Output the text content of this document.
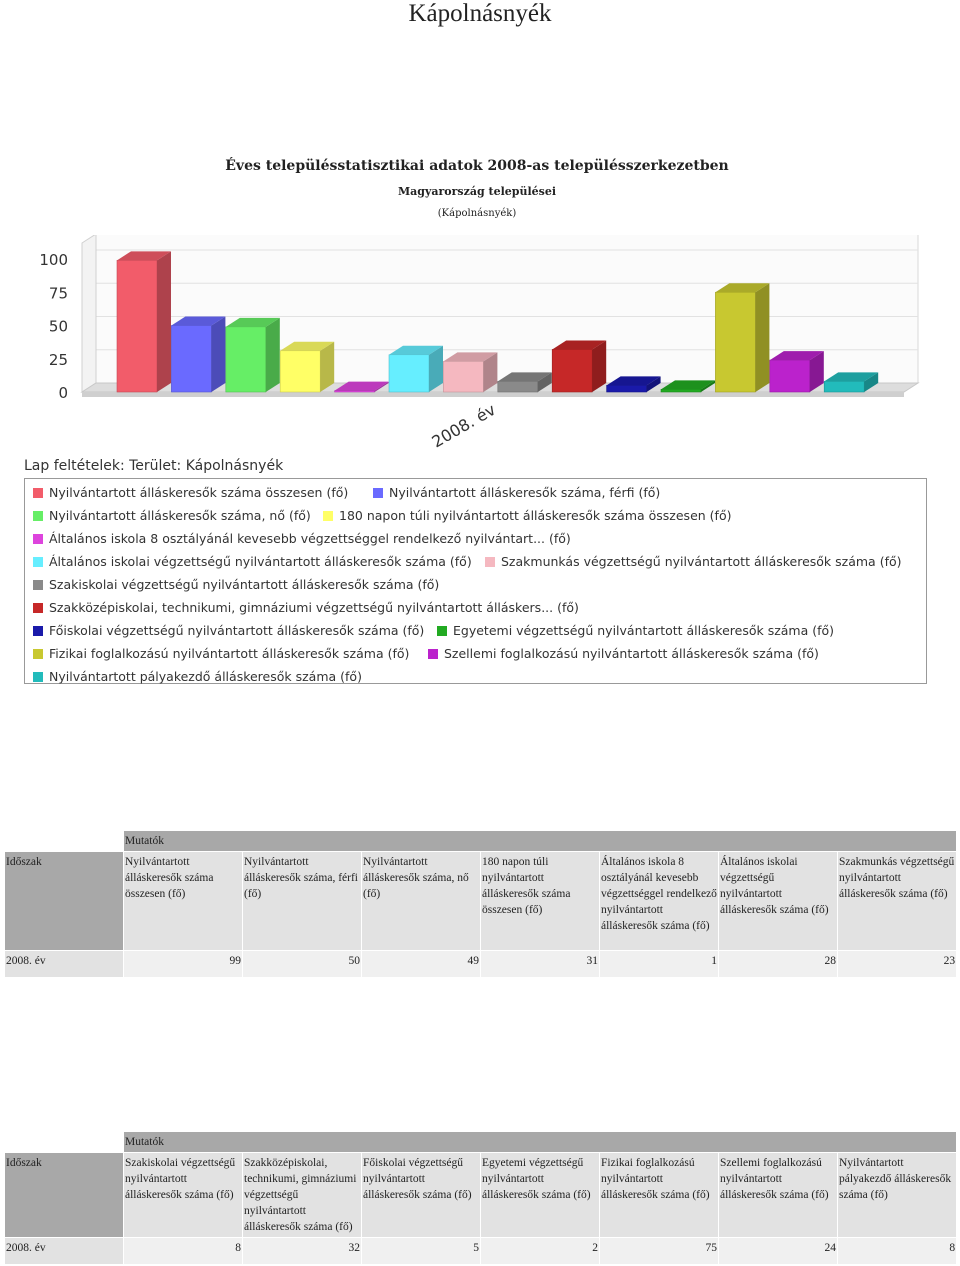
Kápolnásnyék
Éves településstatisztikai adatok 2008-as településszerkezetben
Magyarország települései
(Kápolnásnyék)
100
75
50
25
0
2008. év
Lap feltételek: Terület: Kápolnásnyék
Nyilvántartott álláskeresők száma összesen (fő)	Nyilvántartott álláskeresők száma, férfi (fő)
Nyilvántartott álláskeresők száma, nő (fő)	180 napon túli nyilvántartott álláskeresők száma összesen (fő)
Általános iskola 8 osztályánál kevesebb végzettséggel rendelkező nyilvántart... (fő)
Általános iskolai végzettségű nyilvántartott álláskeresők száma (fő)	Szakmunkás végzettségű nyilvántartott álláskeresők száma (fő)
Szakiskolai végzettségű nyilvántartott álláskeresők száma (fő)
Szakközépiskolai, technikumi, gimnáziumi végzettségű nyilvántartott álláskers... (fő)
Főiskolai végzettségű nyilvántartott álláskeresők száma (fő)	Egyetemi végzettségű nyilvántartott álláskeresők száma (fő)
Fizikai foglalkozású nyilvántartott álláskeresők száma (fő)	Szellemi foglalkozású nyilvántartott álláskeresők száma (fő)
Nyilvántartott pályakezdő álláskeresők száma (fő)
	Mutatók						
Időszak	Nyilvántartott álláskeresők száma összesen (fő)	Nyilvántartott álláskeresők száma, férfi (fő)	Nyilvántartott álláskeresők száma, nő (fő)	180 napon túli nyilvántartott álláskeresők száma összesen (fő)	Általános iskola 8 osztályánál kevesebb végzettséggel rendelkező nyilvántartott álláskeresők száma (fő)	Általános iskolai végzettségű nyilvántartott álláskeresők száma (fő)	Szakmunkás végzettségű nyilvántartott álláskeresők száma (fő)
2008. év	99	50	49	31	1	28	23
	Mutatók						
Időszak	Szakiskolai végzettségű nyilvántartott álláskeresők száma (fő)	Szakközépiskolai, technikumi, gimnáziumi végzettségű nyilvántartott álláskeresők száma (fő)	Főiskolai végzettségű nyilvántartott álláskeresők száma (fő)	Egyetemi végzettségű nyilvántartott álláskeresők száma (fő)	Fizikai foglalkozású nyilvántartott álláskeresők száma (fő)	Szellemi foglalkozású nyilvántartott álláskeresők száma (fő)	Nyilvántartott pályakezdő álláskeresők száma (fő)
2008. év	8	32	5	2	75	24	8
